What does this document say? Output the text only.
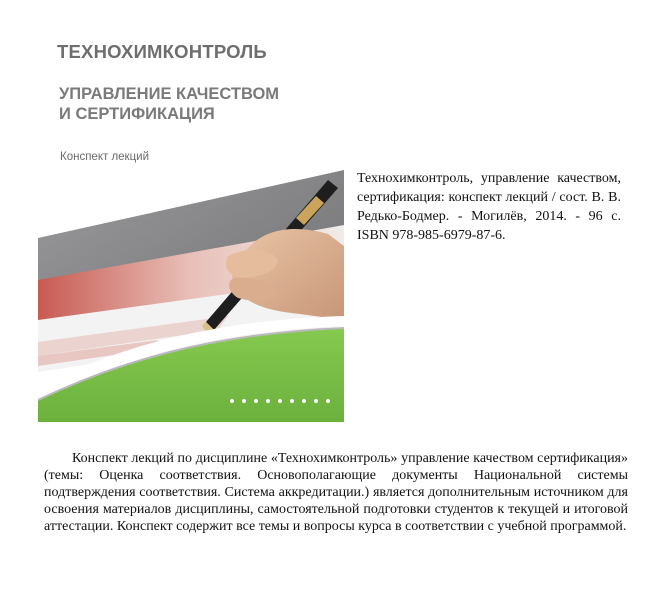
ТЕХНОХИМКОНТРОЛЬ
УПРАВЛЕНИЕ КАЧЕСТВОМ
И СЕРТИФИКАЦИЯ
Конспект лекций
Технохимконтроль, управление качеством, сертификация: конспект лекций / сост. В. В. Редько-Бодмер. - Могилёв, 2014. - 96 с. ISBN 978-985-6979-87-6.

Конспект лекций по дисциплине «Технохимконтроль» управление качеством сертификация» (темы: Оценка соответствия. Основополагающие документы Национальной системы подтверждения соответствия. Система аккредитации.) является дополнительным источником для освоения материалов дисциплины, самостоятельной подготовки студентов к текущей и итоговой аттестации. Конспект содержит все темы и вопросы курса в соответствии с учебной программой.
